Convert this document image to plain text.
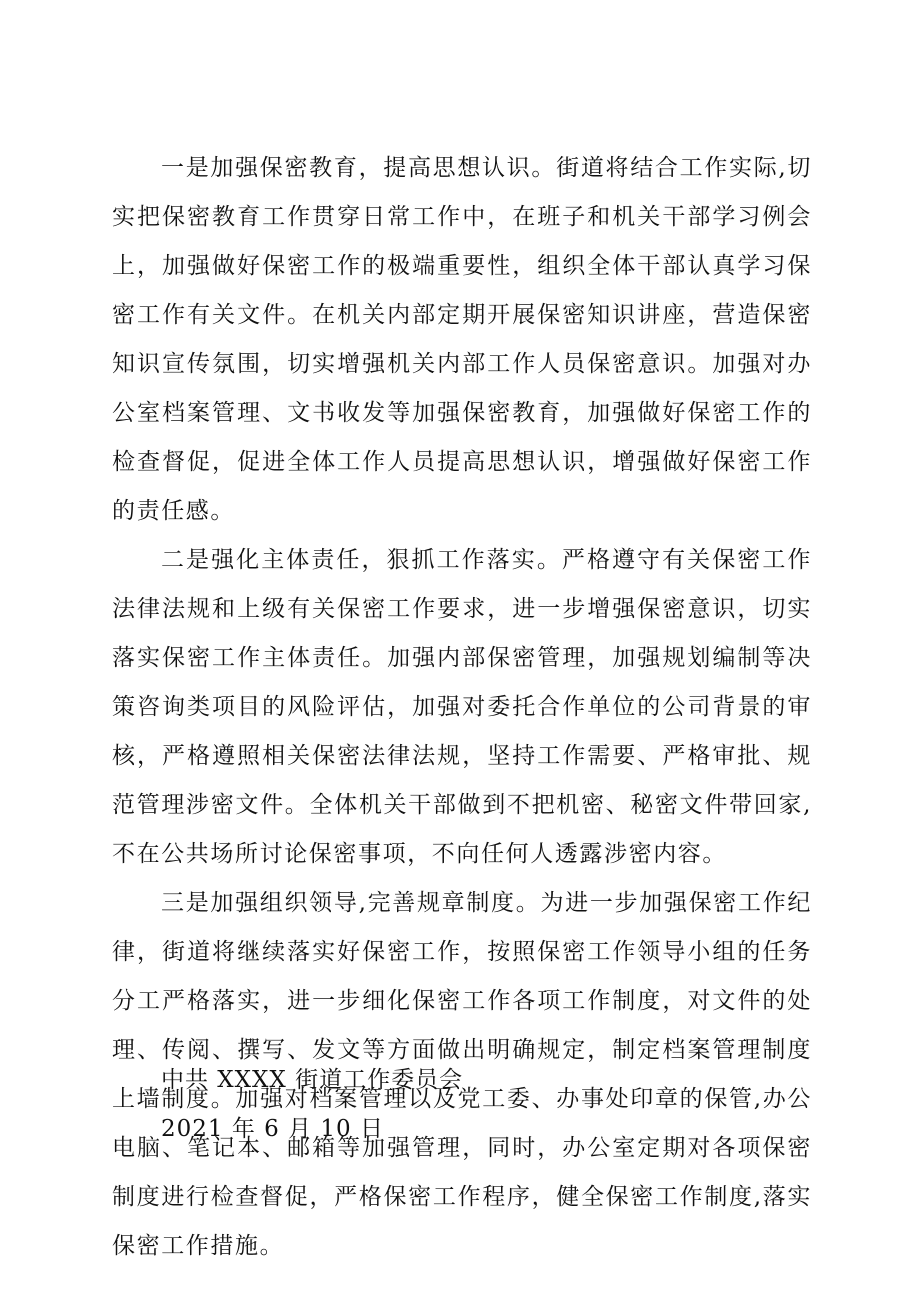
一是加强保密教育，提高思想认识。街道将结合工作实际,切实把保密教育工作贯穿日常工作中，在班子和机关干部学习例会上，加强做好保密工作的极端重要性，组织全体干部认真学习保密工作有关文件。在机关内部定期开展保密知识讲座，营造保密知识宣传氛围，切实增强机关内部工作人员保密意识。加强对办公室档案管理、文书收发等加强保密教育，加强做好保密工作的检查督促，促进全体工作人员提高思想认识，增强做好保密工作的责任感。

二是强化主体责任，狠抓工作落实。严格遵守有关保密工作法律法规和上级有关保密工作要求，进一步增强保密意识，切实落实保密工作主体责任。加强内部保密管理，加强规划编制等决策咨询类项目的风险评估，加强对委托合作单位的公司背景的审核，严格遵照相关保密法律法规，坚持工作需要、严格审批、规范管理涉密文件。全体机关干部做到不把机密、秘密文件带回家,不在公共场所讨论保密事项，不向任何人透露涉密内容。

三是加强组织领导,完善规章制度。为进一步加强保密工作纪律，街道将继续落实好保密工作，按照保密工作领导小组的任务分工严格落实，进一步细化保密工作各项工作制度，对文件的处理、传阅、撰写、发文等方面做出明确规定，制定档案管理制度上墙制度。加强对档案管理以及党工委、办事处印章的保管,办公电脑、笔记本、邮箱等加强管理，同时，办公室定期对各项保密制度进行检查督促，严格保密工作程序，健全保密工作制度,落实保密工作措施。

中共 XXXX 街道工作委员会
2021 年 6 月 10 日
